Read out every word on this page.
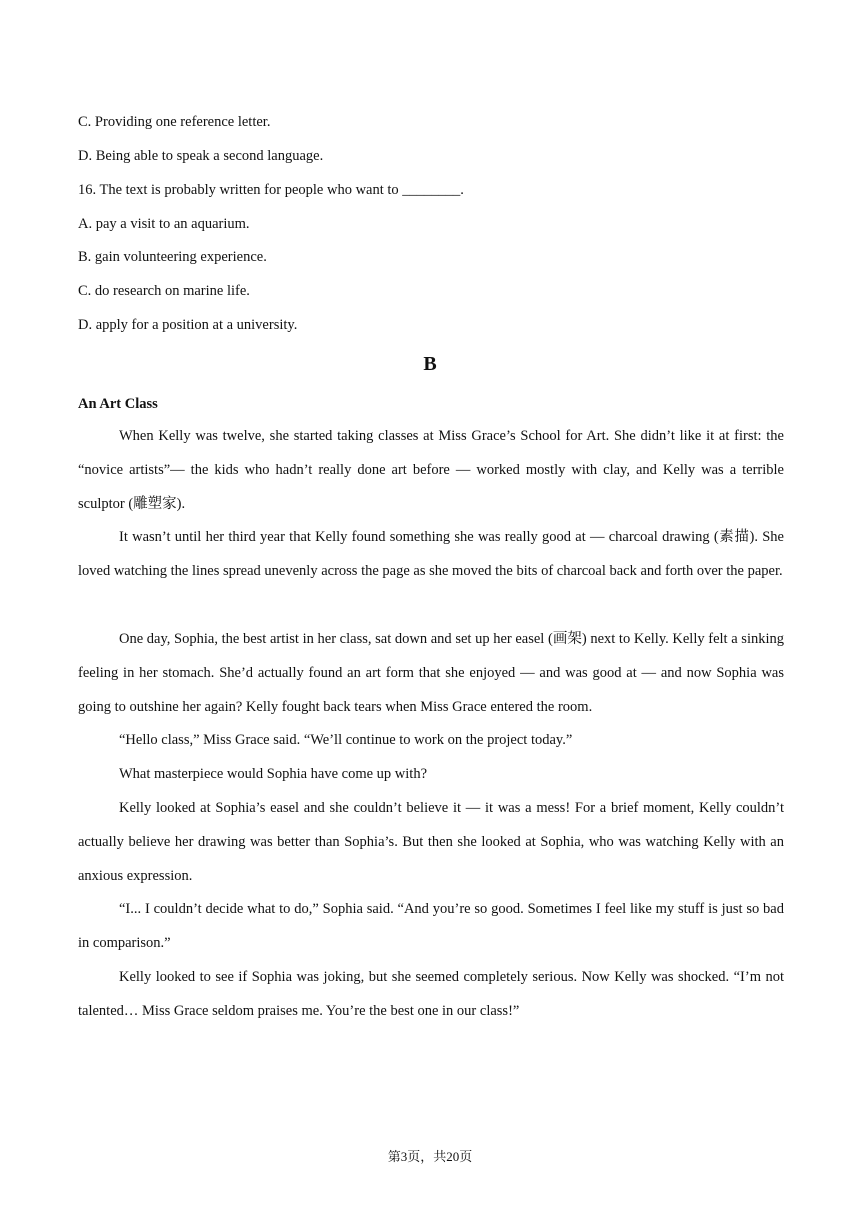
C. Providing one reference letter.
D. Being able to speak a second language.
16. The text is probably written for people who want to ________.
A. pay a visit to an aquarium.
B. gain volunteering experience.
C. do research on marine life.
D. apply for a position at a university.
B
An Art Class

When Kelly was twelve, she started taking classes at Miss Grace’s School for Art. She didn’t like it at first: the “novice artists”— the kids who hadn’t really done art before — worked mostly with clay, and Kelly was a terrible sculptor (雕塑家).

It wasn’t until her third year that Kelly found something she was really good at — charcoal drawing (素描). She loved watching the lines spread unevenly across the page as she moved the bits of charcoal back and forth over the paper.

One day, Sophia, the best artist in her class, sat down and set up her easel (画架) next to Kelly. Kelly felt a sinking feeling in her stomach. She’d actually found an art form that she enjoyed — and was good at — and now Sophia was going to outshine her again? Kelly fought back tears when Miss Grace entered the room.

“Hello class,” Miss Grace said. “We’ll continue to work on the project today.”

What masterpiece would Sophia have come up with?

Kelly looked at Sophia’s easel and she couldn’t believe it — it was a mess! For a brief moment, Kelly couldn’t actually believe her drawing was better than Sophia’s. But then she looked at Sophia, who was watching Kelly with an anxious expression.

“I... I couldn’t decide what to do,” Sophia said. “And you’re so good. Sometimes I feel like my stuff is just so bad in comparison.”

Kelly looked to see if Sophia was joking, but she seemed completely serious. Now Kelly was shocked. “I’m not talented… Miss Grace seldom praises me. You’re the best one in our class!”

第3页，共20页
